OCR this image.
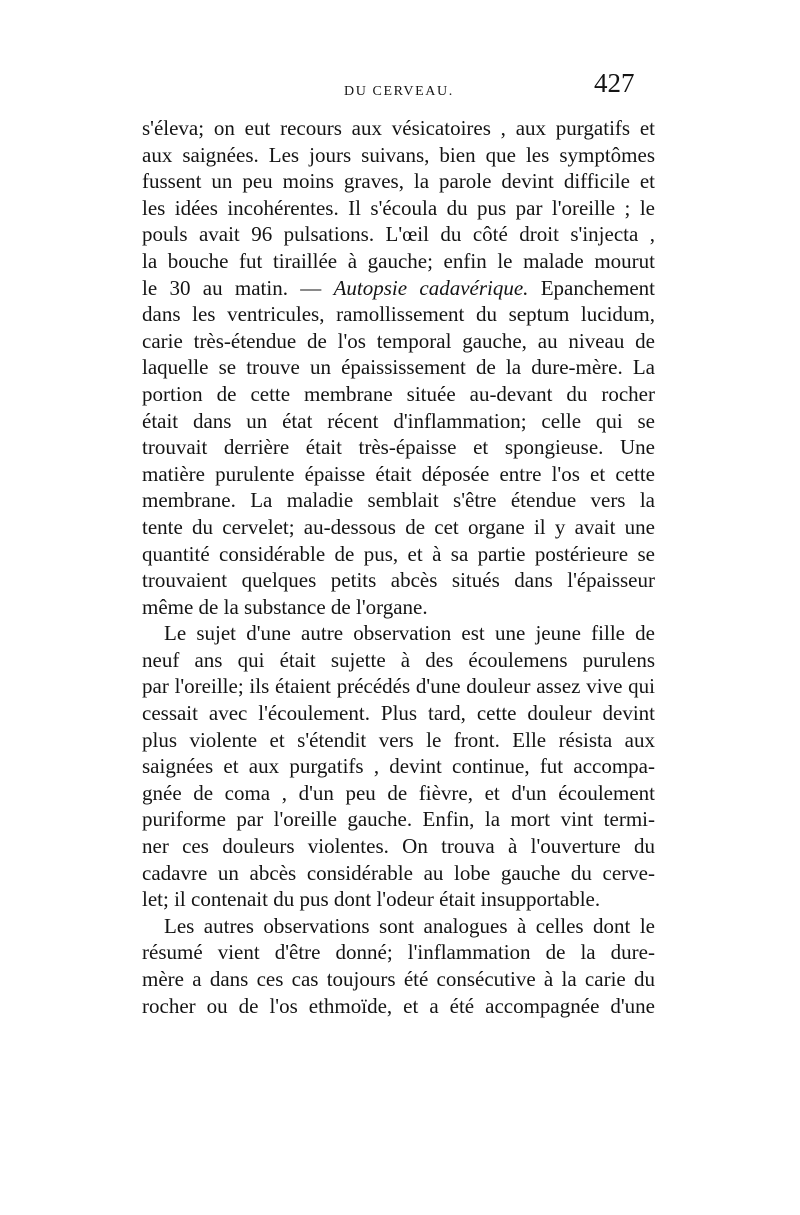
DU CERVEAU.	427
s'éleva; on eut recours aux vésicatoires , aux purgatifs et
aux saignées. Les jours suivans, bien que les symptômes
fussent un peu moins graves, la parole devint difficile et
les idées incohérentes. Il s'écoula du pus par l'oreille ; le
pouls avait 96 pulsations. L'œil du côté droit s'injecta ,
la bouche fut tiraillée à gauche; enfin le malade mourut
le 30 au matin. — Autopsie cadavérique. Epanchement
dans les ventricules, ramollissement du septum lucidum,
carie très-étendue de l'os temporal gauche, au niveau de
laquelle se trouve un épaississement de la dure-mère. La
portion de cette membrane située au-devant du rocher
était dans un état récent d'inflammation; celle qui se
trouvait derrière était très-épaisse et spongieuse. Une
matière purulente épaisse était déposée entre l'os et cette
membrane. La maladie semblait s'être étendue vers la
tente du cervelet; au-dessous de cet organe il y avait une
quantité considérable de pus, et à sa partie postérieure se
trouvaient quelques petits abcès situés dans l'épaisseur
même de la substance de l'organe.
Le sujet d'une autre observation est une jeune fille de
neuf ans qui était sujette à des écoulemens purulens
par l'oreille; ils étaient précédés d'une douleur assez vive qui
cessait avec l'écoulement. Plus tard, cette douleur devint
plus violente et s'étendit vers le front. Elle résista aux
saignées et aux purgatifs , devint continue, fut accompa-
gnée de coma , d'un peu de fièvre, et d'un écoulement
puriforme par l'oreille gauche. Enfin, la mort vint termi-
ner ces douleurs violentes. On trouva à l'ouverture du
cadavre un abcès considérable au lobe gauche du cerve-
let; il contenait du pus dont l'odeur était insupportable.
Les autres observations sont analogues à celles dont le
résumé vient d'être donné; l'inflammation de la dure-
mère a dans ces cas toujours été consécutive à la carie du
rocher ou de l'os ethmoïde, et a été accompagnée d'une
